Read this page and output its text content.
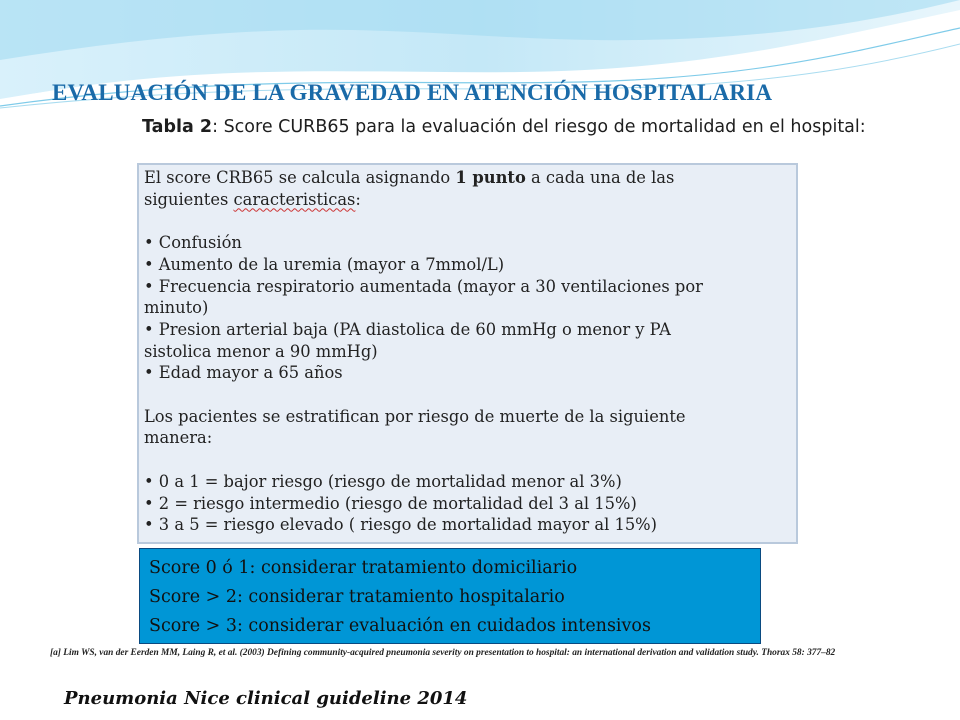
EVALUACIÓN DE LA GRAVEDAD EN ATENCIÓN HOSPITALARIA
Tabla 2: Score CURB65 para la evaluación del riesgo de mortalidad en el hospital:

El score CRB65 se calcula asignando 1 punto a cada una de las

siguientes caracteristicas:

• Confusión

• Aumento de la uremia (mayor a 7mmol/L)

• Frecuencia respiratorio aumentada (mayor a 30 ventilaciones por

minuto)

• Presion arterial baja (PA diastolica de 60 mmHg o menor y PA

sistolica menor a 90 mmHg)

• Edad mayor a 65 años

Los pacientes se estratifican por riesgo de muerte de la siguiente

manera:

• 0 a 1 = bajor riesgo (riesgo de mortalidad menor al 3%)

• 2 = riesgo intermedio (riesgo de mortalidad del 3 al 15%)

• 3 a 5 = riesgo elevado ( riesgo de mortalidad mayor al 15%)

Score 0 ó 1: considerar tratamiento domiciliario

Score > 2: considerar tratamiento hospitalario

Score > 3: considerar evaluación en cuidados intensivos

[a] Lim WS, van der Eerden MM, Laing R, et al. (2003) Defining community-acquired pneumonia severity on presentation to hospital: an international derivation and validation study. Thorax 58: 377–82
Pneumonia Nice clinical guideline 2014
